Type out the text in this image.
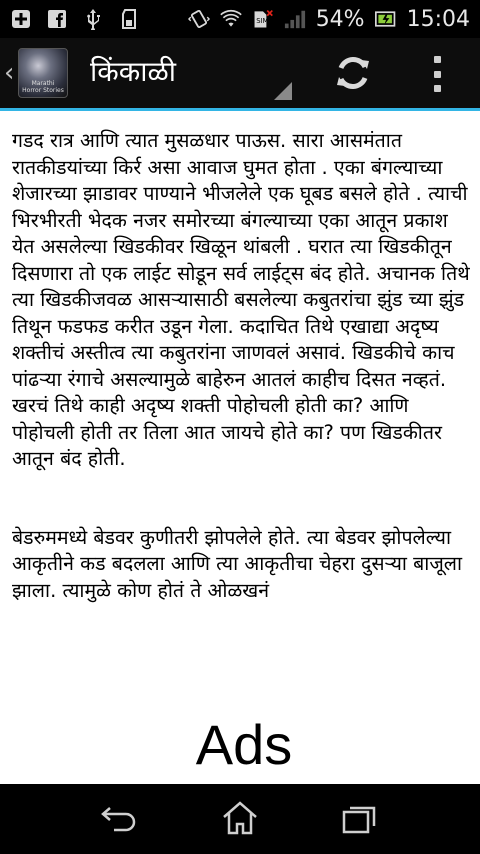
SIM 54% 15:04
‹	Marathi Horror Stories
किंकाळी

गडद रात्र आणि त्यात मुसळधार पाऊस. सारा आसमंतात रातकीडयांच्या किर्र असा आवाज घुमत होता . एका बंगल्याच्या शेजारच्या झाडावर पाण्याने भीजलेले एक घूबड बसले होते . त्याची भिरभीरती भेदक नजर समोरच्या बंगल्याच्या एका आतून प्रकाश येत असलेल्या खिडकीवर खिळून थांबली . घरात त्या खिडकीतून दिसणारा तो एक लाईट सोडून सर्व लाईट्स बंद होते. अचानक तिथे त्या खिडकीजवळ आसऱ्यासाठी बसलेल्या कबुतरांचा झुंड च्या झुंड तिथून फडफड करीत उडून गेला. कदाचित तिथे एखाद्या अदृष्य शक्तीचं अस्तीत्व त्या कबुतरांना जाणवलं असावं. खिडकीचे काच पांढऱ्या रंगाचे असल्यामुळे बाहेरुन आतलं काहीच दिसत नव्हतं. खरचं तिथे काही अदृष्य शक्ती पोहोचली होती का? आणि पोहोचली होती तर तिला आत जायचे होते का? पण खिडकीतर आतून बंद होती.

बेडरुममध्ये बेडवर कुणीतरी झोपलेले होते. त्या बेडवर झोपलेल्या आकृतीने कड बदलला आणि त्या आकृतीचा चेहरा दुसऱ्या बाजूला झाला. त्यामुळे कोण होतं ते ओळखनं

Ads
